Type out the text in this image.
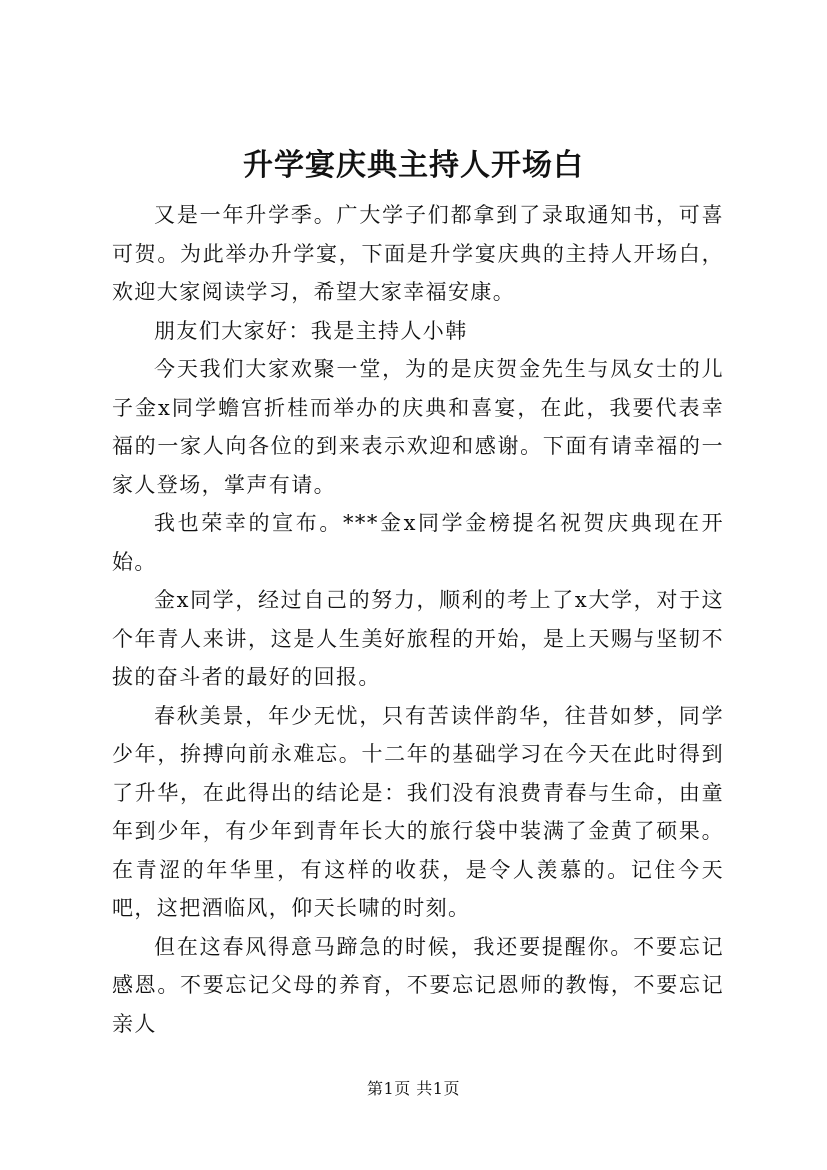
升学宴庆典主持人开场白

又是一年升学季。广大学子们都拿到了录取通知书，可喜可贺。为此举办升学宴，下面是升学宴庆典的主持人开场白，欢迎大家阅读学习，希望大家幸福安康。

朋友们大家好：我是主持人小韩

今天我们大家欢聚一堂，为的是庆贺金先生与凤女士的儿子金x同学蟾宫折桂而举办的庆典和喜宴，在此，我要代表幸福的一家人向各位的到来表示欢迎和感谢。下面有请幸福的一家人登场，掌声有请。

我也荣幸的宣布。***金x同学金榜提名祝贺庆典现在开始。

金x同学，经过自己的努力，顺利的考上了x大学，对于这个年青人来讲，这是人生美好旅程的开始，是上天赐与坚韧不拔的奋斗者的最好的回报。

春秋美景，年少无忧，只有苦读伴韵华，往昔如梦，同学少年，拚搏向前永难忘。十二年的基础学习在今天在此时得到了升华，在此得出的结论是：我们没有浪费青春与生命，由童年到少年，有少年到青年长大的旅行袋中装满了金黄了硕果。在青涩的年华里，有这样的收获，是令人羡慕的。记住今天吧，这把酒临风，仰天长啸的时刻。

但在这春风得意马蹄急的时候，我还要提醒你。不要忘记感恩。不要忘记父母的养育，不要忘记恩师的教悔，不要忘记亲人

第1页 共1页
